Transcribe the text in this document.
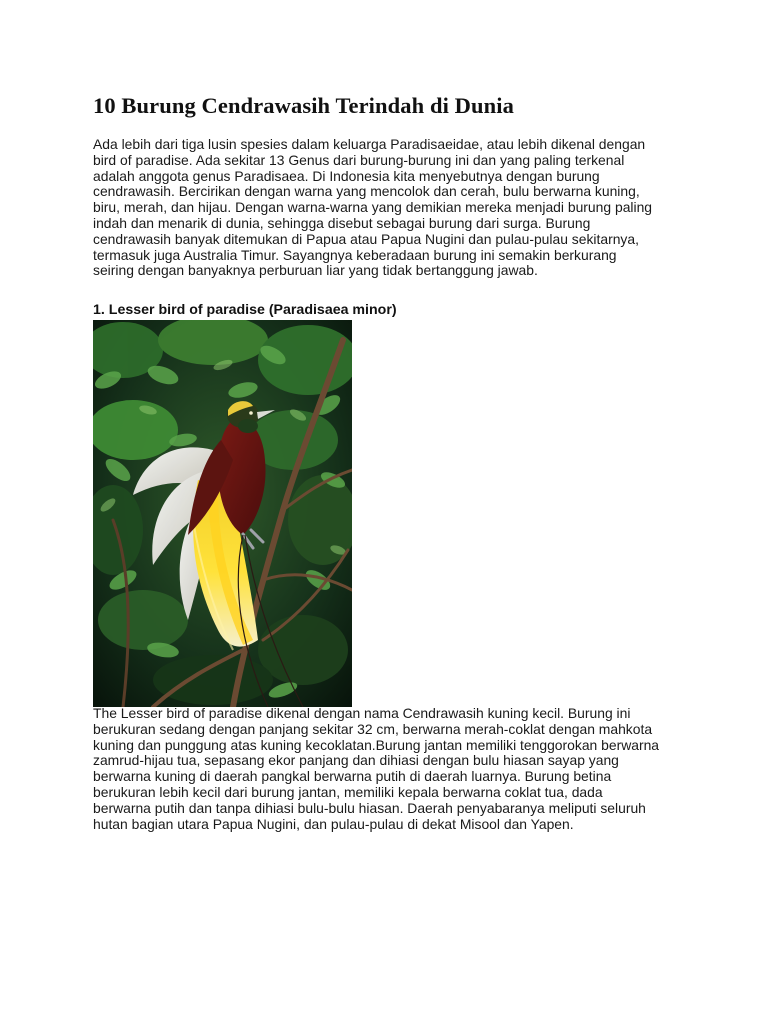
10 Burung Cendrawasih Terindah di Dunia
Ada lebih dari tiga lusin spesies dalam keluarga Paradisaeidae, atau lebih dikenal dengan
bird of paradise. Ada sekitar 13 Genus dari burung-burung ini dan yang paling terkenal
adalah anggota genus Paradisaea. Di Indonesia kita menyebutnya dengan burung
cendrawasih. Bercirikan dengan warna yang mencolok dan cerah, bulu berwarna kuning,
biru, merah, dan hijau. Dengan warna-warna yang demikian mereka menjadi burung paling
indah dan menarik di dunia, sehingga disebut sebagai burung dari surga. Burung
cendrawasih banyak ditemukan di Papua atau Papua Nugini dan pulau-pulau sekitarnya,
termasuk juga Australia Timur. Sayangnya keberadaan burung ini semakin berkurang
seiring dengan banyaknya perburuan liar yang tidak bertanggung jawab.
1. Lesser bird of paradise (Paradisaea minor)
The Lesser bird of paradise dikenal dengan nama Cendrawasih kuning kecil. Burung ini
berukuran sedang dengan panjang sekitar 32 cm, berwarna merah-coklat dengan mahkota
kuning dan punggung atas kuning kecoklatan.Burung jantan memiliki tenggorokan berwarna
zamrud-hijau tua, sepasang ekor panjang dan dihiasi dengan bulu hiasan sayap yang
berwarna kuning di daerah pangkal berwarna putih di daerah luarnya. Burung betina
berukuran lebih kecil dari burung jantan, memiliki kepala berwarna coklat tua, dada
berwarna putih dan tanpa dihiasi bulu-bulu hiasan. Daerah penyabaranya meliputi seluruh
hutan bagian utara Papua Nugini, dan pulau-pulau di dekat Misool dan Yapen.
